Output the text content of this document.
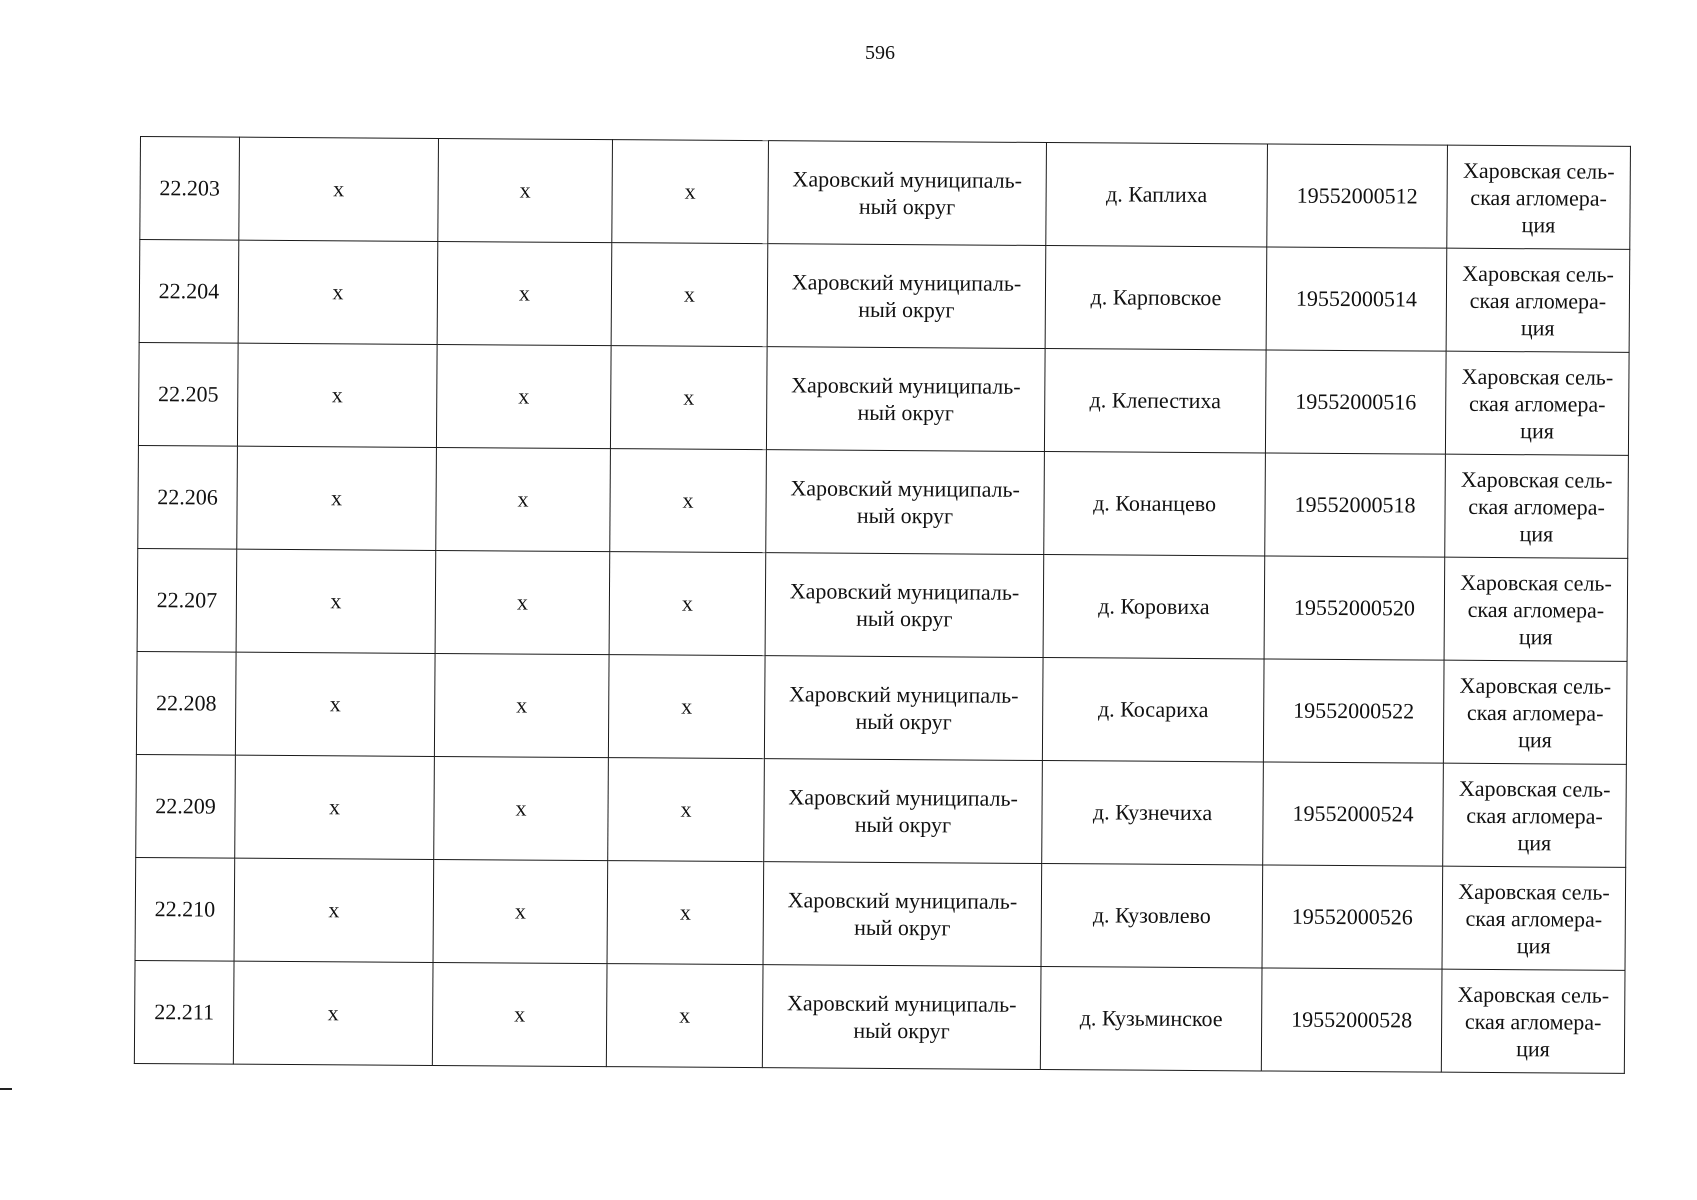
596
22.203	x	x	x	Харовский муниципаль-
ный округ	д. Каплиха	19552000512	Харовская сель-
ская агломера-
ция
22.204	x	x	x	Харовский муниципаль-
ный округ	д. Карповское	19552000514	Харовская сель-
ская агломера-
ция
22.205	x	x	x	Харовский муниципаль-
ный округ	д. Клепестиха	19552000516	Харовская сель-
ская агломера-
ция
22.206	x	x	x	Харовский муниципаль-
ный округ	д. Конанцево	19552000518	Харовская сель-
ская агломера-
ция
22.207	x	x	x	Харовский муниципаль-
ный округ	д. Коровиха	19552000520	Харовская сель-
ская агломера-
ция
22.208	x	x	x	Харовский муниципаль-
ный округ	д. Косариха	19552000522	Харовская сель-
ская агломера-
ция
22.209	x	x	x	Харовский муниципаль-
ный округ	д. Кузнечиха	19552000524	Харовская сель-
ская агломера-
ция
22.210	x	x	x	Харовский муниципаль-
ный округ	д. Кузовлево	19552000526	Харовская сель-
ская агломера-
ция
22.211	x	x	x	Харовский муниципаль-
ный округ	д. Кузьминское	19552000528	Харовская сель-
ская агломера-
ция
